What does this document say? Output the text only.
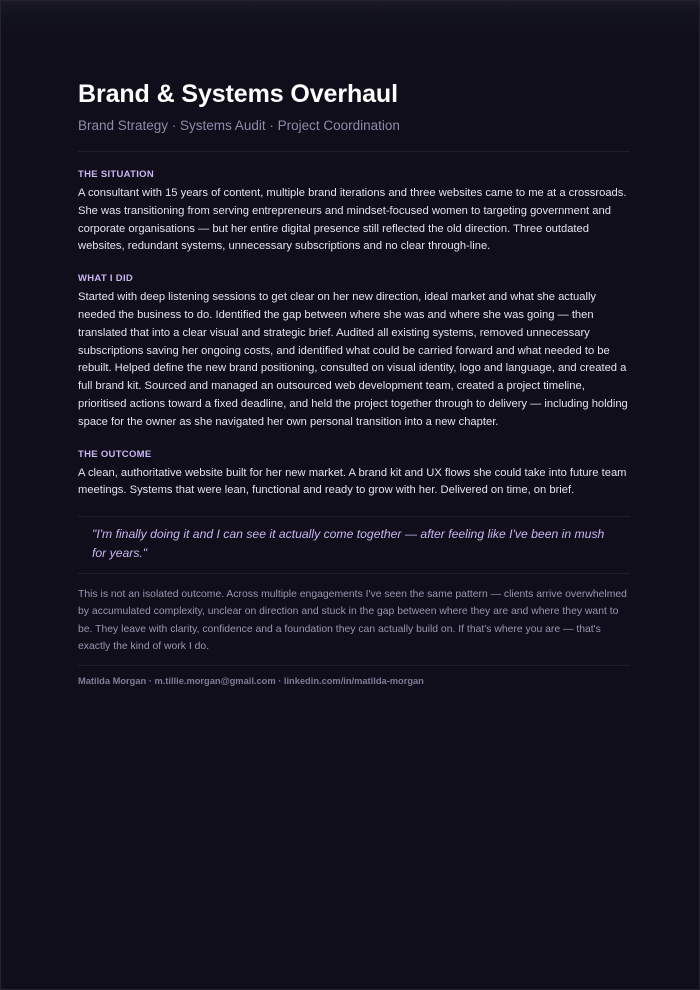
Brand & Systems Overhaul
Brand Strategy · Systems Audit · Project Coordination
THE SITUATION
A consultant with 15 years of content, multiple brand iterations and three websites came to me at a crossroads. She was transitioning from serving entrepreneurs and mindset-focused women to targeting government and corporate organisations — but her entire digital presence still reflected the old direction. Three outdated websites, redundant systems, unnecessary subscriptions and no clear through-line.
WHAT I DID
Started with deep listening sessions to get clear on her new direction, ideal market and what she actually needed the business to do. Identified the gap between where she was and where she was going — then translated that into a clear visual and strategic brief. Audited all existing systems, removed unnecessary subscriptions saving her ongoing costs, and identified what could be carried forward and what needed to be rebuilt. Helped define the new brand positioning, consulted on visual identity, logo and language, and created a full brand kit. Sourced and managed an outsourced web development team, created a project timeline, prioritised actions toward a fixed deadline, and held the project together through to delivery — including holding space for the owner as she navigated her own personal transition into a new chapter.
THE OUTCOME
A clean, authoritative website built for her new market. A brand kit and UX flows she could take into future team meetings. Systems that were lean, functional and ready to grow with her. Delivered on time, on brief.
"I'm finally doing it and I can see it actually come together — after feeling like I've been in mush for years."
This is not an isolated outcome. Across multiple engagements I've seen the same pattern — clients arrive overwhelmed by accumulated complexity, unclear on direction and stuck in the gap between where they are and where they want to be. They leave with clarity, confidence and a foundation they can actually build on. If that's where you are — that's exactly the kind of work I do.
Matilda Morgan · m.tillie.morgan@gmail.com · linkedin.com/in/matilda-morgan
